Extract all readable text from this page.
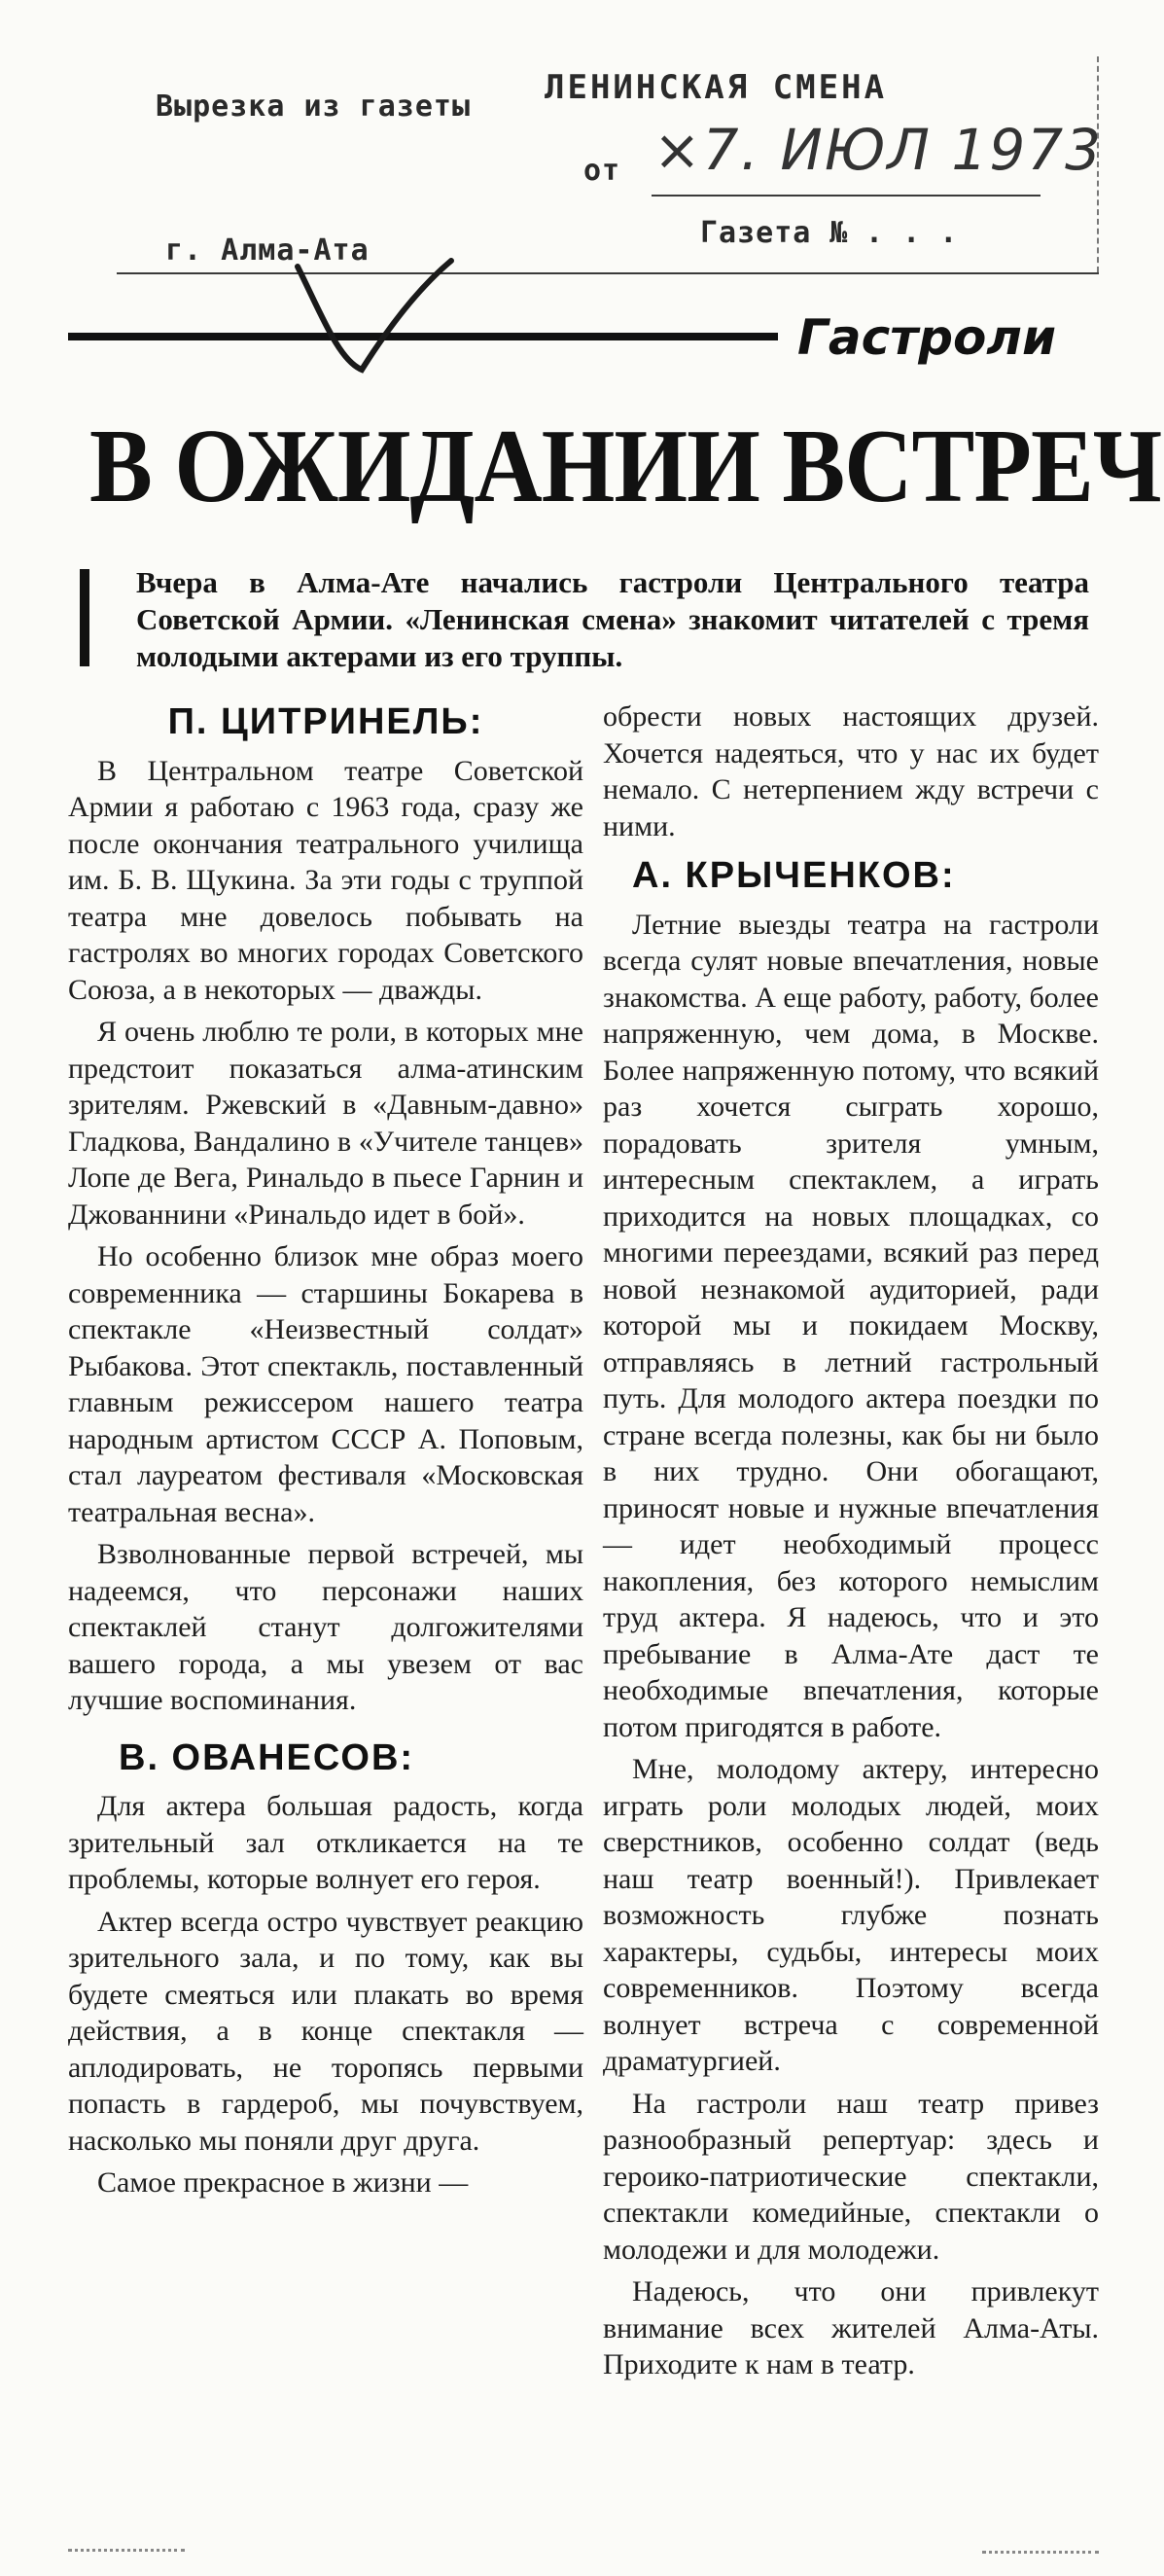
Вырезка из газеты ЛЕНИНСКАЯ СМЕНА
от ×7. ИЮЛ 1973
г. Алма-Ата
Газета № . . .
Гастроли
В ОЖИДАНИИ ВСТРЕЧ
Вчера в Алма-Ате начались гастроли Центрального театра Советской Армии. «Ленинская смена» знакомит читателей с тремя молодыми актерами из его труппы.
П. ЦИТРИНЕЛЬ:

В Центральном театре Советской Армии я работаю с 1963 года, сразу же после окончания театрального училища им. Б. В. Щукина. За эти годы с труппой театра мне довелось побывать на гастролях во многих городах Советского Союза, а в некоторых — дважды.

Я очень люблю те роли, в которых мне предстоит показаться алма-атинским зрителям. Ржевский в «Давным-давно» Гладкова, Вандалино в «Учителе танцев» Лопе де Вега, Ринальдо в пьесе Гарнин и Джованнини «Ринальдо идет в бой».

Но особенно близок мне образ моего современника — старшины Бокарева в спектакле «Неизвестный солдат» Рыбакова. Этот спектакль, поставленный главным режиссером нашего театра народным артистом СССР А. Поповым, стал лауреатом фестиваля «Московская театральная весна».

Взволнованные первой встречей, мы надеемся, что персонажи наших спектаклей станут долгожителями вашего города, а мы увезем от вас лучшие воспоминания.

В. ОВАНЕСОВ:

Для актера большая радость, когда зрительный зал откликается на те проблемы, которые волнует его героя.

Актер всегда остро чувствует реакцию зрительного зала, и по тому, как вы будете смеяться или плакать во время действия, а в конце спектакля — аплодировать, не торопясь первыми попасть в гардероб, мы почувствуем, насколько мы поняли друг друга.

Самое прекрасное в жизни —

обрести новых настоящих друзей. Хочется надеяться, что у нас их будет немало. С нетерпением жду встречи с ними.

А. КРЫЧЕНКОВ:

Летние выезды театра на гастроли всегда сулят новые впечатления, новые знакомства. А еще работу, работу, более напряженную, чем дома, в Москве. Более напряженную потому, что всякий раз хочется сыграть хорошо, порадовать зрителя умным, интересным спектаклем, а играть приходится на новых площадках, со многими переездами, всякий раз перед новой незнакомой аудиторией, ради которой мы и покидаем Москву, отправляясь в летний гастрольный путь. Для молодого актера поездки по стране всегда полезны, как бы ни было в них трудно. Они обогащают, приносят новые и нужные впечатления — идет необходимый процесс накопления, без которого немыслим труд актера. Я надеюсь, что и это пребывание в Алма-Ате даст те необходимые впечатления, которые потом пригодятся в работе.

Мне, молодому актеру, интересно играть роли молодых людей, моих сверстников, особенно солдат (ведь наш театр военный!). Привлекает возможность глубже познать характеры, судьбы, интересы моих современников. Поэтому всегда волнует встреча с современной драматургией.

На гастроли наш театр привез разнообразный репертуар: здесь и героико-патриотические спектакли, спектакли комедийные, спектакли о молодежи и для молодежи.

Надеюсь, что они привлекут внимание всех жителей Алма-Аты. Приходите к нам в театр.
